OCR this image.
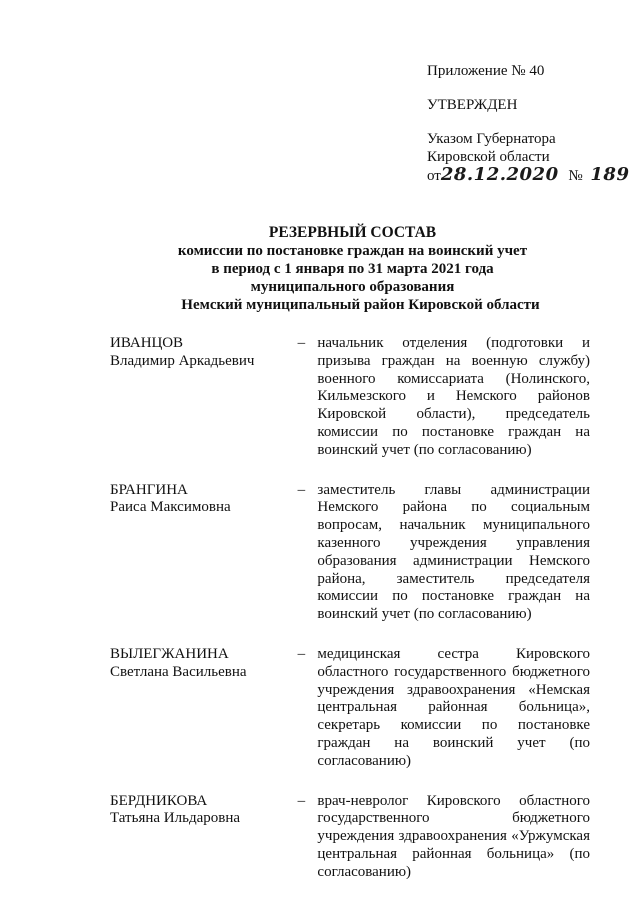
Приложение № 40
УТВЕРЖДЕН
Указом Губернатора
Кировской области
от28.12.2020 № 189
РЕЗЕРВНЫЙ СОСТАВ
комиссии по постановке граждан на воинский учет
в период с 1 января по 31 марта 2021 года
муниципального образования
Немский муниципальный район Кировской области
ИВАНЦОВ
Владимир Аркадьевич
– начальник отделения (подготовки и призыва граждан на военную службу) военного комиссариата (Нолинского, Кильмезского и Немского районов Кировской области), председатель комиссии по постановке граждан на воинский учет (по согласованию)
БРАНГИНА
Раиса Максимовна
– заместитель главы администрации Немского района по социальным вопросам, начальник муниципального казенного учреждения управления образования администрации Немского района, заместитель председателя комиссии по постановке граждан на воинский учет (по согласованию)
ВЫЛЕГЖАНИНА
Светлана Васильевна
– медицинская сестра Кировского областного государственного бюджетного учреждения здравоохранения «Немская центральная районная больница», секретарь комиссии по постановке граждан на воинский учет (по согласованию)
БЕРДНИКОВА
Татьяна Ильдаровна
– врач-невролог Кировского областного государственного бюджетного учреждения здравоохранения «Уржумская центральная районная больница» (по согласованию)
